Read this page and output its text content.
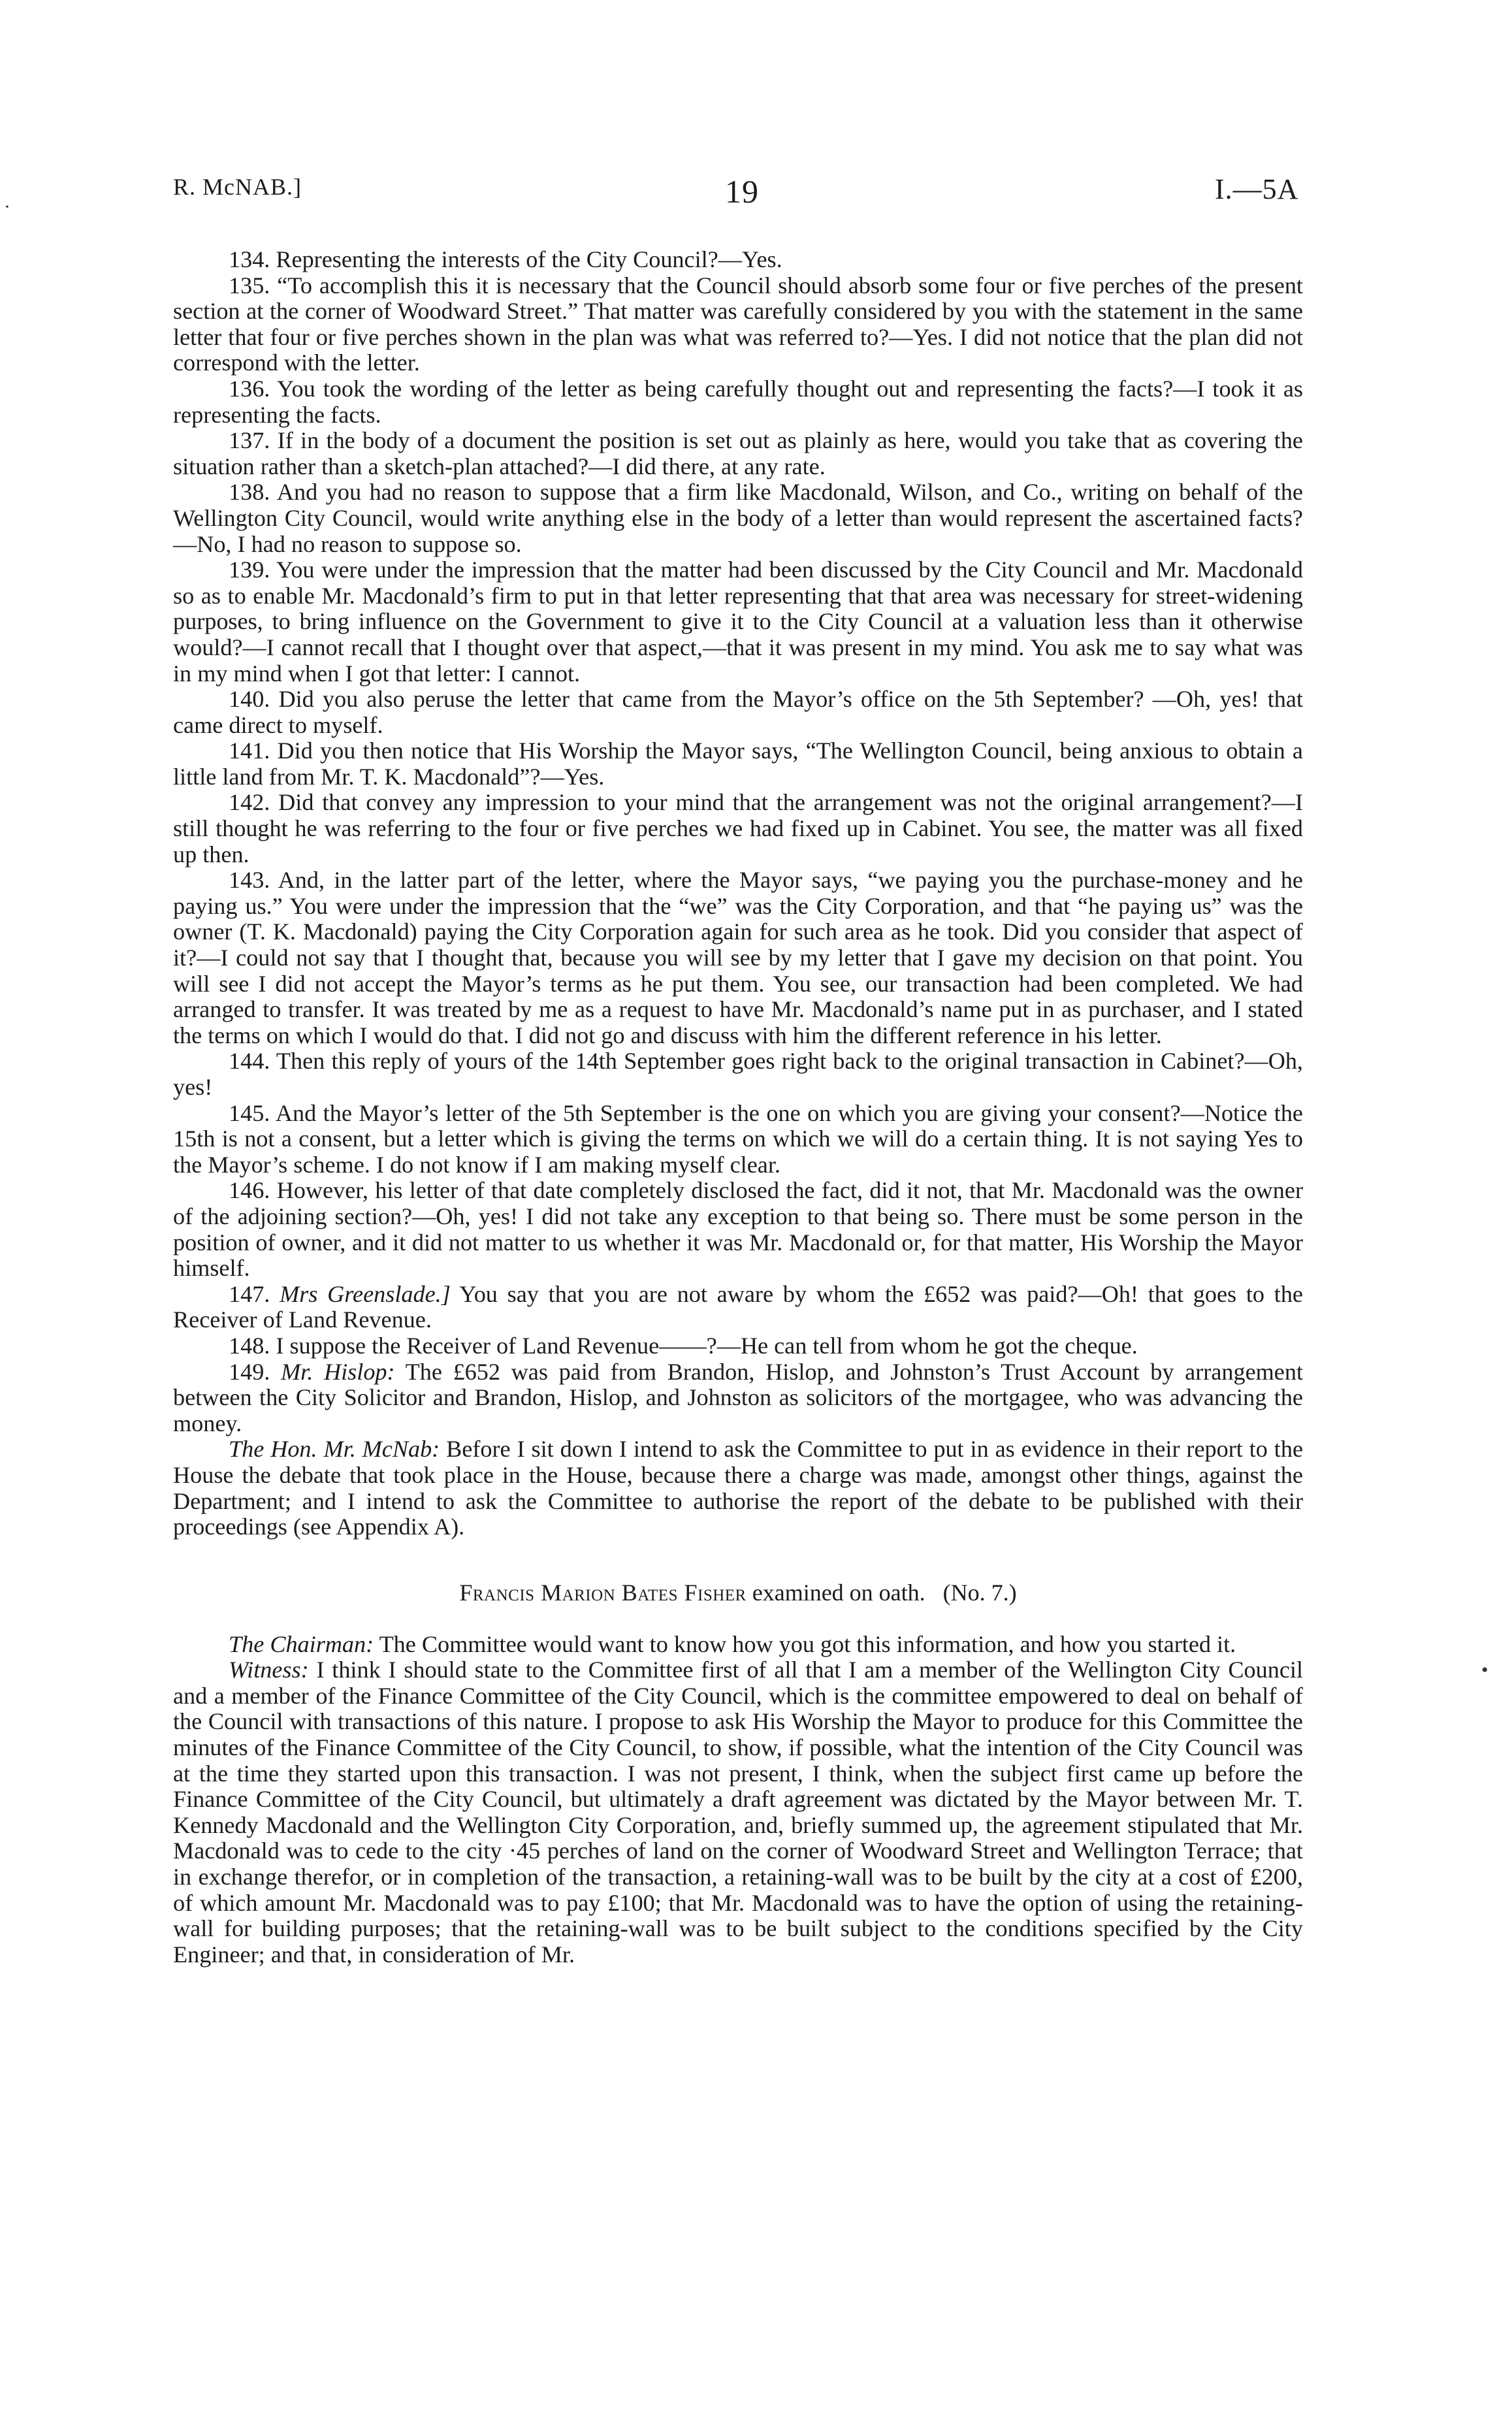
R. McNAB.]	19	I.—5A

134. Representing the interests of the City Council?—Yes.

135. “To accomplish this it is necessary that the Council should absorb some four or five perches of the present section at the corner of Woodward Street.” That matter was carefully considered by you with the statement in the same letter that four or five perches shown in the plan was what was referred to?—Yes. I did not notice that the plan did not correspond with the letter.

136. You took the wording of the letter as being carefully thought out and representing the facts?—I took it as representing the facts.

137. If in the body of a document the position is set out as plainly as here, would you take that as covering the situation rather than a sketch-plan attached?—I did there, at any rate.

138. And you had no reason to suppose that a firm like Macdonald, Wilson, and Co., writing on behalf of the Wellington City Council, would write anything else in the body of a letter than would represent the ascertained facts?—No, I had no reason to suppose so.

139. You were under the impression that the matter had been discussed by the City Council and Mr. Macdonald so as to enable Mr. Macdonald’s firm to put in that letter representing that that area was necessary for street-widening purposes, to bring influence on the Government to give it to the City Council at a valuation less than it otherwise would?—I cannot recall that I thought over that aspect,—that it was present in my mind. You ask me to say what was in my mind when I got that letter: I cannot.

140. Did you also peruse the letter that came from the Mayor’s office on the 5th September? —Oh, yes! that came direct to myself.

141. Did you then notice that His Worship the Mayor says, “The Wellington Council, being anxious to obtain a little land from Mr. T. K. Macdonald”?—Yes.

142. Did that convey any impression to your mind that the arrangement was not the original arrangement?—I still thought he was referring to the four or five perches we had fixed up in Cabinet. You see, the matter was all fixed up then.

143. And, in the latter part of the letter, where the Mayor says, “we paying you the purchase-money and he paying us.” You were under the impression that the “we” was the City Corporation, and that “he paying us” was the owner (T. K. Macdonald) paying the City Corporation again for such area as he took. Did you consider that aspect of it?—I could not say that I thought that, because you will see by my letter that I gave my decision on that point. You will see I did not accept the Mayor’s terms as he put them. You see, our transaction had been completed. We had arranged to transfer. It was treated by me as a request to have Mr. Macdonald’s name put in as purchaser, and I stated the terms on which I would do that. I did not go and discuss with him the different reference in his letter.

144. Then this reply of yours of the 14th September goes right back to the original transaction in Cabinet?—Oh, yes!

145. And the Mayor’s letter of the 5th September is the one on which you are giving your consent?—Notice the 15th is not a consent, but a letter which is giving the terms on which we will do a certain thing. It is not saying Yes to the Mayor’s scheme. I do not know if I am making myself clear.

146. However, his letter of that date completely disclosed the fact, did it not, that Mr. Macdonald was the owner of the adjoining section?—Oh, yes! I did not take any exception to that being so. There must be some person in the position of owner, and it did not matter to us whether it was Mr. Macdonald or, for that matter, His Worship the Mayor himself.

147. Mrs Greenslade.] You say that you are not aware by whom the £652 was paid?—Oh! that goes to the Receiver of Land Revenue.

148. I suppose the Receiver of Land Revenue——?—He can tell from whom he got the cheque.

149. Mr. Hislop: The £652 was paid from Brandon, Hislop, and Johnston’s Trust Account by arrangement between the City Solicitor and Brandon, Hislop, and Johnston as solicitors of the mortgagee, who was advancing the money.

The Hon. Mr. McNab: Before I sit down I intend to ask the Committee to put in as evidence in their report to the House the debate that took place in the House, because there a charge was made, amongst other things, against the Department; and I intend to ask the Committee to authorise the report of the debate to be published with their proceedings (see Appendix A).

Francis Marion Bates Fisher examined on oath. (No. 7.)

The Chairman: The Committee would want to know how you got this information, and how you started it.

Witness: I think I should state to the Committee first of all that I am a member of the Wellington City Council and a member of the Finance Committee of the City Council, which is the committee empowered to deal on behalf of the Council with transactions of this nature. I propose to ask His Worship the Mayor to produce for this Committee the minutes of the Finance Committee of the City Council, to show, if possible, what the intention of the City Council was at the time they started upon this transaction. I was not present, I think, when the subject first came up before the Finance Committee of the City Council, but ultimately a draft agreement was dictated by the Mayor between Mr. T. Kennedy Macdonald and the Wellington City Corporation, and, briefly summed up, the agreement stipulated that Mr. Macdonald was to cede to the city ·45 perches of land on the corner of Woodward Street and Wellington Terrace; that in exchange therefor, or in completion of the transaction, a retaining-wall was to be built by the city at a cost of £200, of which amount Mr. Macdonald was to pay £100; that Mr. Macdonald was to have the option of using the retaining-wall for building purposes; that the retaining-wall was to be built subject to the conditions specified by the City Engineer; and that, in consideration of Mr.

·
•
